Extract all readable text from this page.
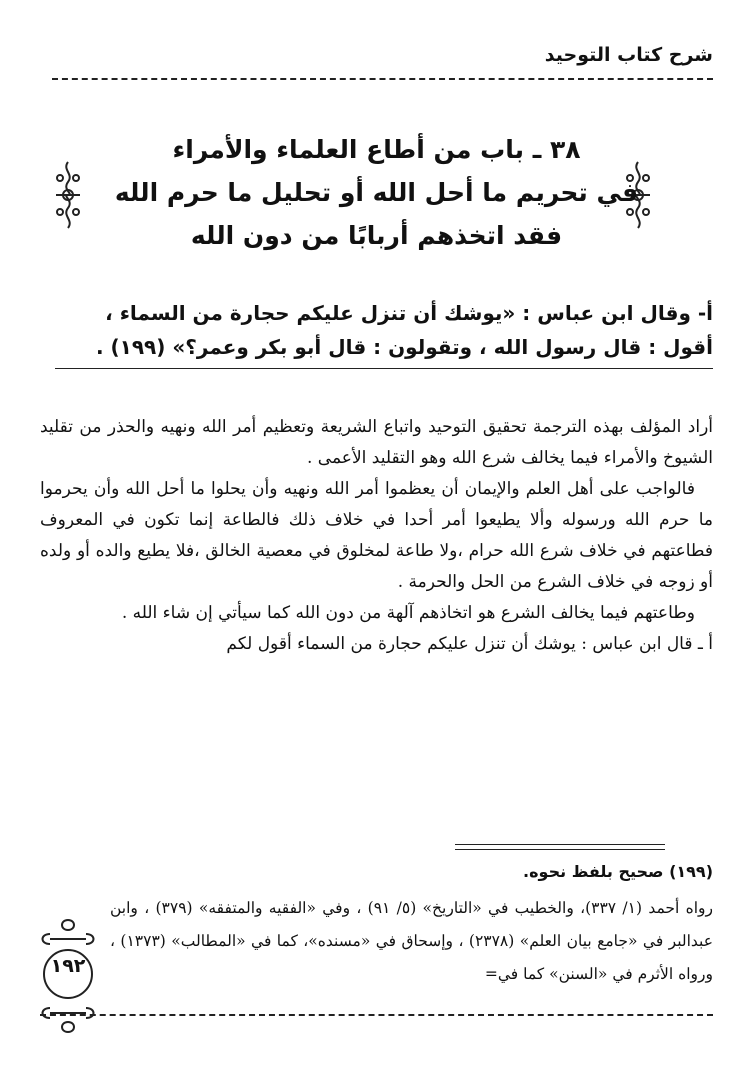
شرح كتاب التوحيد
٣٨ ـ باب من أطاع العلماء والأمراء
في تحريم ما أحل الله أو تحليل ما حرم الله
فقد اتخذهم أربابًا من دون الله
أ- وقال ابن عباس : «يوشك أن تنزل عليكم حجارة من السماء ،
أقول : قال رسول الله ، وتقولون : قال أبو بكر وعمر؟» (١٩٩) .

أراد المؤلف بهذه الترجمة تحقيق التوحيد واتباع الشريعة وتعظيم أمر الله ونهيه والحذر من تقليد الشيوخ والأمراء فيما يخالف شرع الله وهو التقليد الأعمى .

فالواجب على أهل العلم والإيمان أن يعظموا أمر الله ونهيه وأن يحلوا ما أحل الله وأن يحرموا ما حرم الله ورسوله وألا يطيعوا أمر أحدا في خلاف ذلك فالطاعة إنما تكون في المعروف فطاعتهم في خلاف شرع الله حرام ،ولا طاعة لمخلوق في معصية الخالق ،فلا يطيع والده أو ولده أو زوجه في خلاف الشرع من الحل والحرمة .

وطاعتهم فيما يخالف الشرع هو اتخاذهم آلهة من دون الله كما سيأتي إن شاء الله .

أ ـ قال ابن عباس : يوشك أن تنزل عليكم حجارة من السماء أقول لكم

(١٩٩) صحيح بلفظ نحوه.
رواه أحمد (١/ ٣٣٧)، والخطيب في «التاريخ» (٥/ ٩١) ، وفي «الفقيه والمتفقه» (٣٧٩) ، وابن عبدالبر في «جامع بيان العلم» (٢٣٧٨) ، وإسحاق في «مسنده»، كما في «المطالب» (١٣٧٣) ، ورواه الأثرم في «السنن» كما في=
١٩٢
